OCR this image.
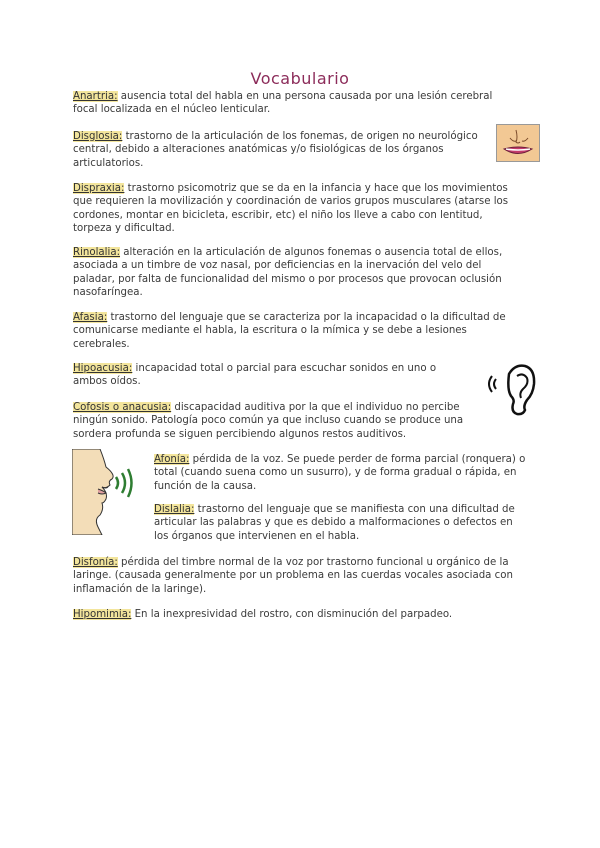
Vocabulario
Anartria: ausencia total del habla en una persona causada por una lesión cerebral focal localizada en el núcleo lenticular.
Disglosia: trastorno de la articulación de los fonemas, de origen no neurológico central, debido a alteraciones anatómicas y/o fisiológicas de los órganos articulatorios.
Dispraxia: trastorno psicomotriz que se da en la infancia y hace que los movimientos que requieren la movilización y coordinación de varios grupos musculares (atarse los cordones, montar en bicicleta, escribir, etc) el niño los lleve a cabo con lentitud, torpeza y dificultad.
Rinolalia: alteración en la articulación de algunos fonemas o ausencia total de ellos, asociada a un timbre de voz nasal, por deficiencias en la inervación del velo del paladar, por falta de funcionalidad del mismo o por procesos que provocan oclusión nasofaríngea.
Afasia: trastorno del lenguaje que se caracteriza por la incapacidad o la dificultad de comunicarse mediante el habla, la escritura o la mímica y se debe a lesiones cerebrales.
Hipoacusia: incapacidad total o parcial para escuchar sonidos en uno o ambos oídos.
Cofosis o anacusia: discapacidad auditiva por la que el individuo no percibe ningún sonido. Patología poco común ya que incluso cuando se produce una sordera profunda se siguen percibiendo algunos restos auditivos.
Afonía: pérdida de la voz. Se puede perder de forma parcial (ronquera) o total (cuando suena como un susurro), y de forma gradual o rápida, en función de la causa.
Dislalia: trastorno del lenguaje que se manifiesta con una dificultad de articular las palabras y que es debido a malformaciones o defectos en los órganos que intervienen en el habla.
Disfonía: pérdida del timbre normal de la voz por trastorno funcional u orgánico de la laringe. (causada generalmente por un problema en las cuerdas vocales asociada con inflamación de la laringe).
Hipomimia: En la inexpresividad del rostro, con disminución del parpadeo.
